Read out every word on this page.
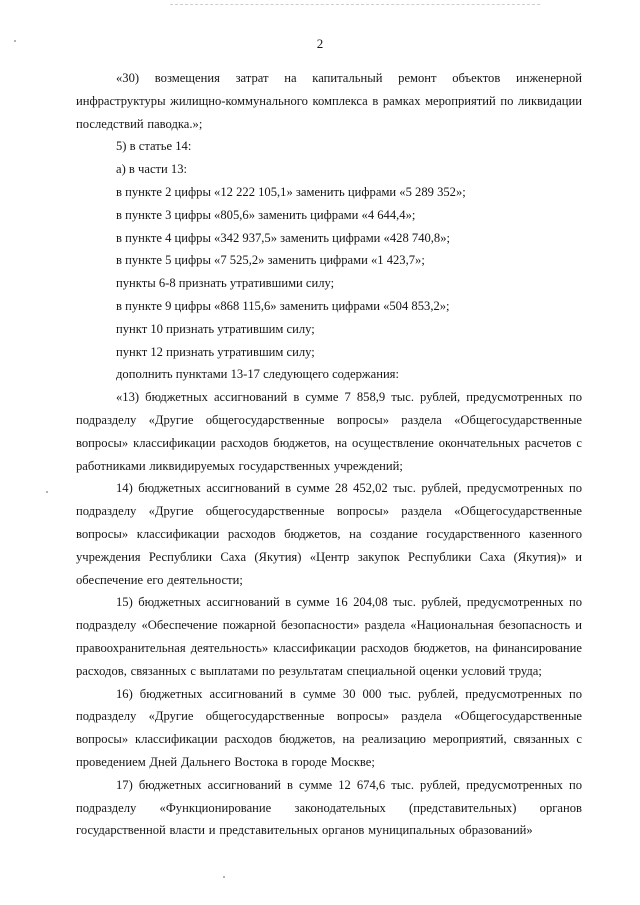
2

«30) возмещения затрат на капитальный ремонт объектов инженерной инфраструктуры жилищно-коммунального комплекса в рамках мероприятий по ликвидации последствий паводка.»;

5) в статье 14:

а) в части 13:

в пункте 2 цифры «12 222 105,1» заменить цифрами «5 289 352»;

в пункте 3 цифры «805,6» заменить цифрами «4 644,4»;

в пункте 4 цифры «342 937,5» заменить цифрами «428 740,8»;

в пункте 5 цифры «7 525,2» заменить цифрами «1 423,7»;

пункты 6-8 признать утратившими силу;

в пункте 9 цифры «868 115,6» заменить цифрами «504 853,2»;

пункт 10 признать утратившим силу;

пункт 12 признать утратившим силу;

дополнить пунктами 13-17 следующего содержания:

«13) бюджетных ассигнований в сумме 7 858,9 тыс. рублей, предусмотренных по подразделу «Другие общегосударственные вопросы» раздела «Общегосударственные вопросы» классификации расходов бюджетов, на осуществление окончательных расчетов с работниками ликвидируемых государственных учреждений;

14) бюджетных ассигнований в сумме 28 452,02 тыс. рублей, предусмотренных по подразделу «Другие общегосударственные вопросы» раздела «Общегосударственные вопросы» классификации расходов бюджетов, на создание государственного казенного учреждения Республики Саха (Якутия) «Центр закупок Республики Саха (Якутия)» и обеспечение его деятельности;

15) бюджетных ассигнований в сумме 16 204,08 тыс. рублей, предусмотренных по подразделу «Обеспечение пожарной безопасности» раздела «Национальная безопасность и правоохранительная деятельность» классификации расходов бюджетов, на финансирование расходов, связанных с выплатами по результатам специальной оценки условий труда;

16) бюджетных ассигнований в сумме 30 000 тыс. рублей, предусмотренных по подразделу «Другие общегосударственные вопросы» раздела «Общегосударственные вопросы» классификации расходов бюджетов, на реализацию мероприятий, связанных с проведением Дней Дальнего Востока в городе Москве;

17) бюджетных ассигнований в сумме 12 674,6 тыс. рублей, предусмотренных по подразделу «Функционирование законодательных (представительных) органов государственной власти и представительных органов муниципальных образований»
